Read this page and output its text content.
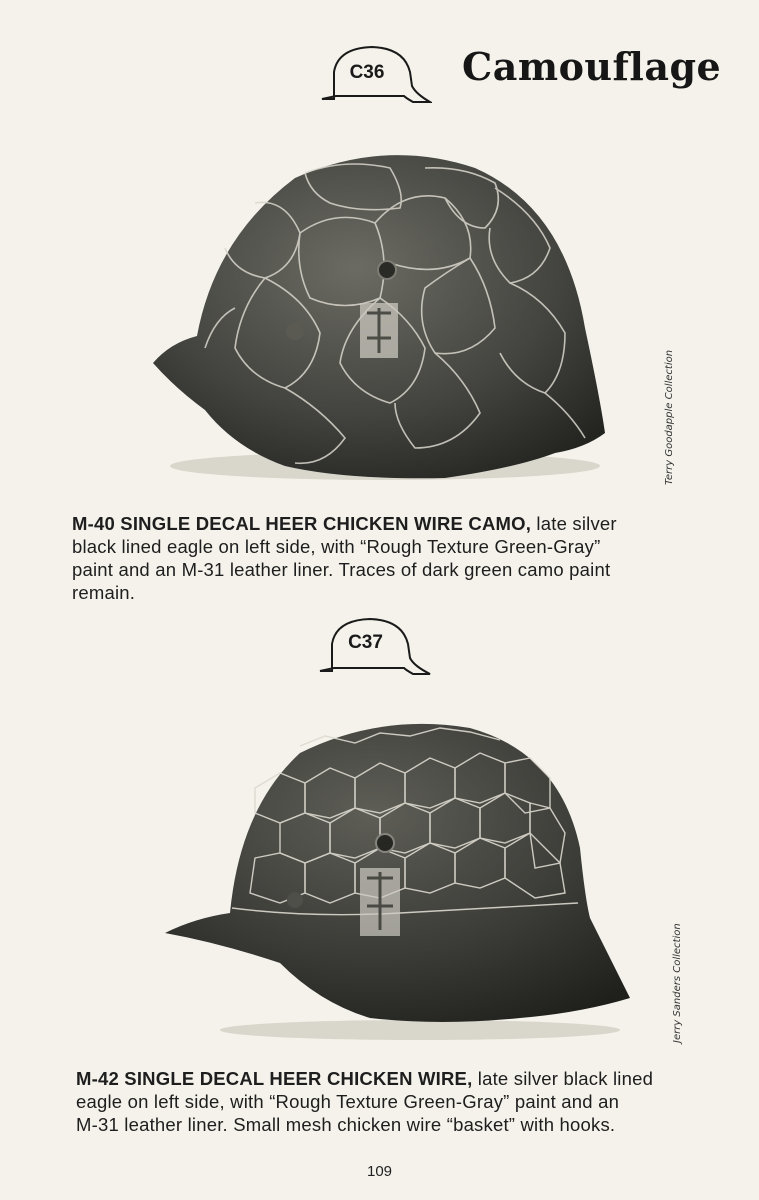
C36	Camouflage
Terry Goodapple Collection
M-40 SINGLE DECAL HEER CHICKEN WIRE CAMO, late silver
black lined eagle on left side, with “Rough Texture Green-Gray”
paint and an M-31 leather liner. Traces of dark green camo paint
remain.
C37
Jerry Sanders Collection
M-42 SINGLE DECAL HEER CHICKEN WIRE, late silver black lined
eagle on left side, with “Rough Texture Green-Gray” paint and an
M-31 leather liner. Small mesh chicken wire “basket” with hooks.
109
